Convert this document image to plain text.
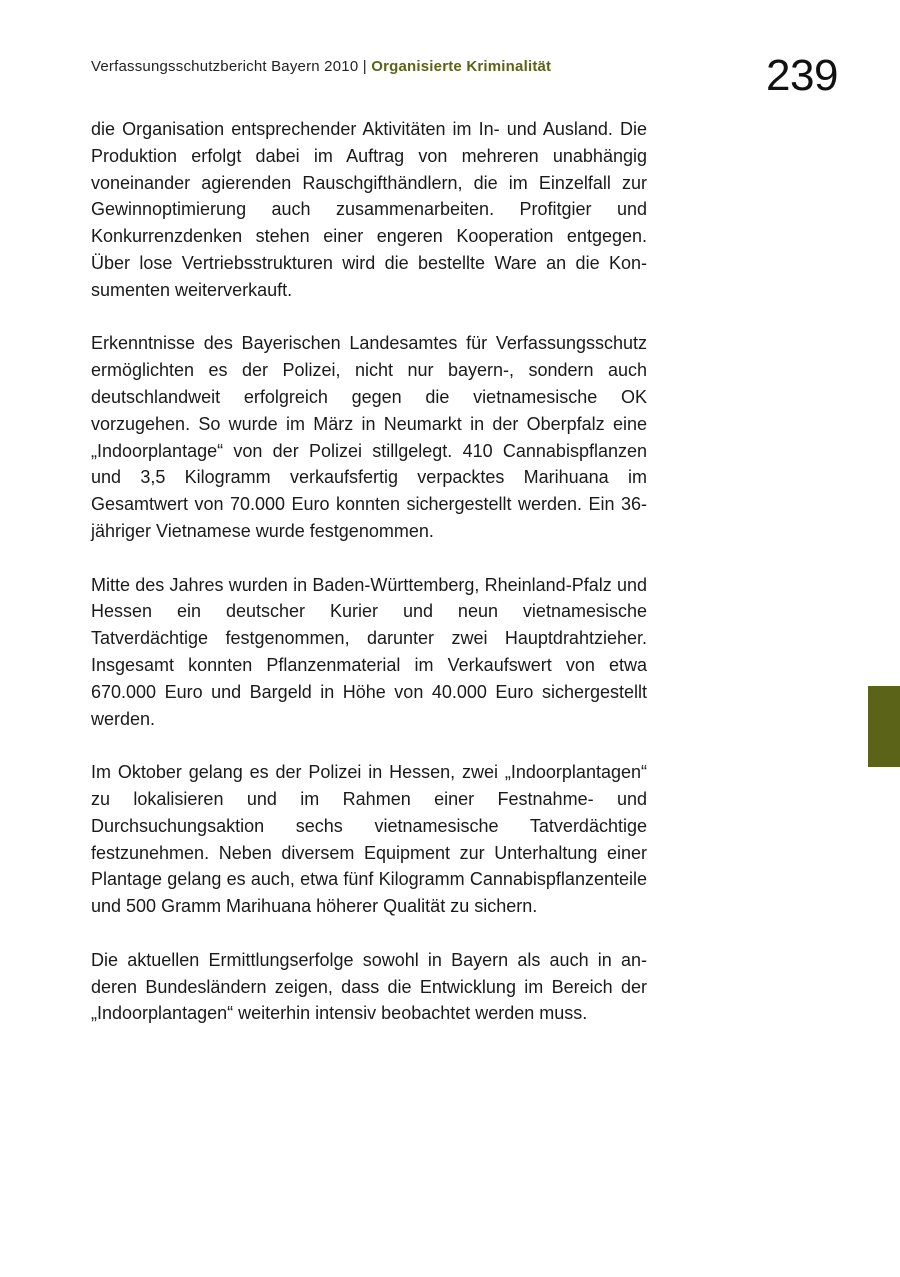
Verfassungsschutzbericht Bayern 2010 | Organisierte Kriminalität	239

die Organisation entsprechender Aktivitäten im In- und Ausland. Die Produktion erfolgt dabei im Auftrag von mehreren unabhängig voneinander agierenden Rauschgifthändlern, die im Einzelfall zur Gewinnoptimierung auch zusammenarbeiten. Profitgier und Konkurrenzdenken stehen einer engeren Kooperation entgegen. Über lose Vertriebsstrukturen wird die bestellte Ware an die Konsumenten weiterverkauft.

Erkenntnisse des Bayerischen Landesamtes für Verfassungsschutz ermöglichten es der Polizei, nicht nur bayern-, sondern auch deutschlandweit erfolgreich gegen die vietnamesische OK vorzugehen. So wurde im März in Neumarkt in der Oberpfalz eine „Indoorplantage“ von der Polizei stillgelegt. 410 Cannabispflanzen und 3,5 Kilogramm verkaufsfertig verpacktes Marihuana im Gesamtwert von 70.000 Euro konnten sichergestellt werden. Ein 36-jähriger Vietnamese wurde festgenommen.

Mitte des Jahres wurden in Baden-Württemberg, Rheinland-Pfalz und Hessen ein deutscher Kurier und neun vietnamesische Tatverdächtige festgenommen, darunter zwei Hauptdrahtzieher. Insgesamt konnten Pflanzenmaterial im Verkaufswert von etwa 670.000 Euro und Bargeld in Höhe von 40.000 Euro sichergestellt werden.

Im Oktober gelang es der Polizei in Hessen, zwei „Indoorplantagen“ zu lokalisieren und im Rahmen einer Festnahme- und Durchsuchungsaktion sechs vietnamesische Tatverdächtige festzunehmen. Neben diversem Equipment zur Unterhaltung einer Plantage gelang es auch, etwa fünf Kilogramm Cannabispflanzenteile und 500 Gramm Marihuana höherer Qualität zu sichern.

Die aktuellen Ermittlungserfolge sowohl in Bayern als auch in anderen Bundesländern zeigen, dass die Entwicklung im Bereich der „Indoorplantagen“ weiterhin intensiv beobachtet werden muss.
